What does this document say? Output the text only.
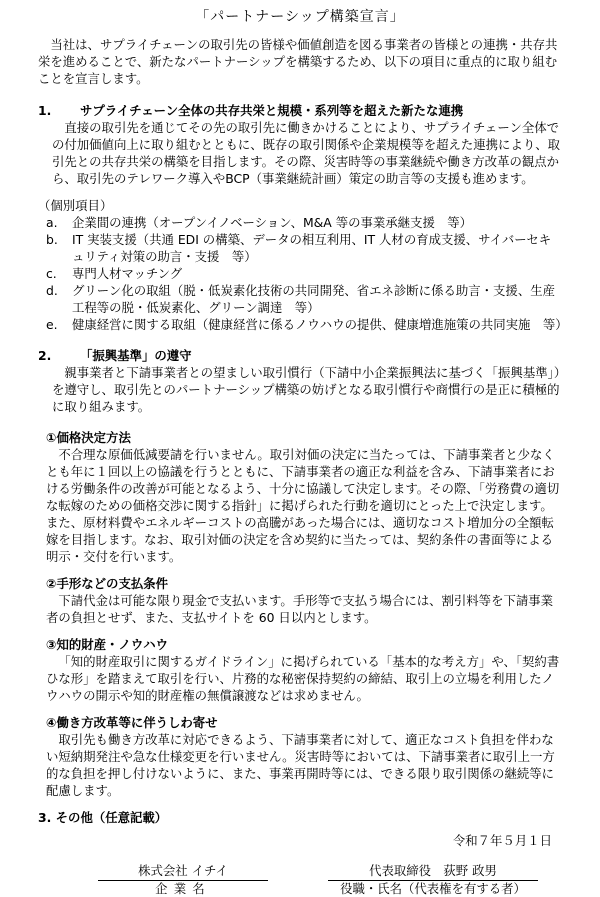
「パートナーシップ構築宣言」

当社は、サプライチェーンの取引先の皆様や価値創造を図る事業者の皆様との連携・共存共栄を進めることで、新たなパートナーシップを構築するため、以下の項目に重点的に取り組むことを宣言します。

1. サプライチェーン全体の共存共栄と規模・系列等を超えた新たな連携

直接の取引先を通じてその先の取引先に働きかけることにより、サプライチェーン全体での付加価値向上に取り組むとともに、既存の取引関係や企業規模等を超えた連携により、取引先との共存共栄の構築を目指します。その際、災害時等の事業継続や働き方改革の観点から、取引先のテレワーク導入やBCP（事業継続計画）策定の助言等の支援も進めます。

（個別項目）
a.	企業間の連携（オープンイノベーション、M&A 等の事業承継支援　等）
b.	IT 実装支援（共通 EDI の構築、データの相互利用、IT 人材の育成支援、サイバーセキュリティ対策の助言・支援　等）
c.	専門人材マッチング
d.	グリーン化の取組（脱・低炭素化技術の共同開発、省エネ診断に係る助言・支援、生産工程等の脱・低炭素化、グリーン調達　等）
e.	健康経営に関する取組（健康経営に係るノウハウの提供、健康増進施策の共同実施　等）
2. 「振興基準」の遵守

親事業者と下請事業者との望ましい取引慣行（下請中小企業振興法に基づく「振興基準」）を遵守し、取引先とのパートナーシップ構築の妨げとなる取引慣行や商慣行の是正に積極的に取り組みます。

①価格決定方法

不合理な原価低減要請を行いません。取引対価の決定に当たっては、下請事業者と少なくとも年に１回以上の協議を行うとともに、下請事業者の適正な利益を含み、下請事業者における労働条件の改善が可能となるよう、十分に協議して決定します。その際、「労務費の適切な転嫁のための価格交渉に関する指針」に掲げられた行動を適切にとった上で決定します。また、原材料費やエネルギーコストの高騰があった場合には、適切なコスト増加分の全額転嫁を目指します。なお、取引対価の決定を含め契約に当たっては、契約条件の書面等による明示・交付を行います。

②手形などの支払条件

下請代金は可能な限り現金で支払います。手形等で支払う場合には、割引料等を下請事業者の負担とせず、また、支払サイトを 60 日以内とします。

③知的財産・ノウハウ

「知的財産取引に関するガイドライン」に掲げられている「基本的な考え方」や、「契約書ひな形」を踏まえて取引を行い、片務的な秘密保持契約の締結、取引上の立場を利用したノウハウの開示や知的財産権の無償譲渡などは求めません。

④働き方改革等に伴うしわ寄せ

取引先も働き方改革に対応できるよう、下請事業者に対して、適正なコスト負担を伴わない短納期発注や急な仕様変更を行いません。災害時等においては、下請事業者に取引上一方的な負担を押し付けないように、また、事業再開時等には、できる限り取引関係の継続等に配慮します。

3. その他（任意記載）
令和７年５月１日
株式会社 イチイ
企業名
代表取締役　荻野 政男
役職・氏名（代表権を有する者）
